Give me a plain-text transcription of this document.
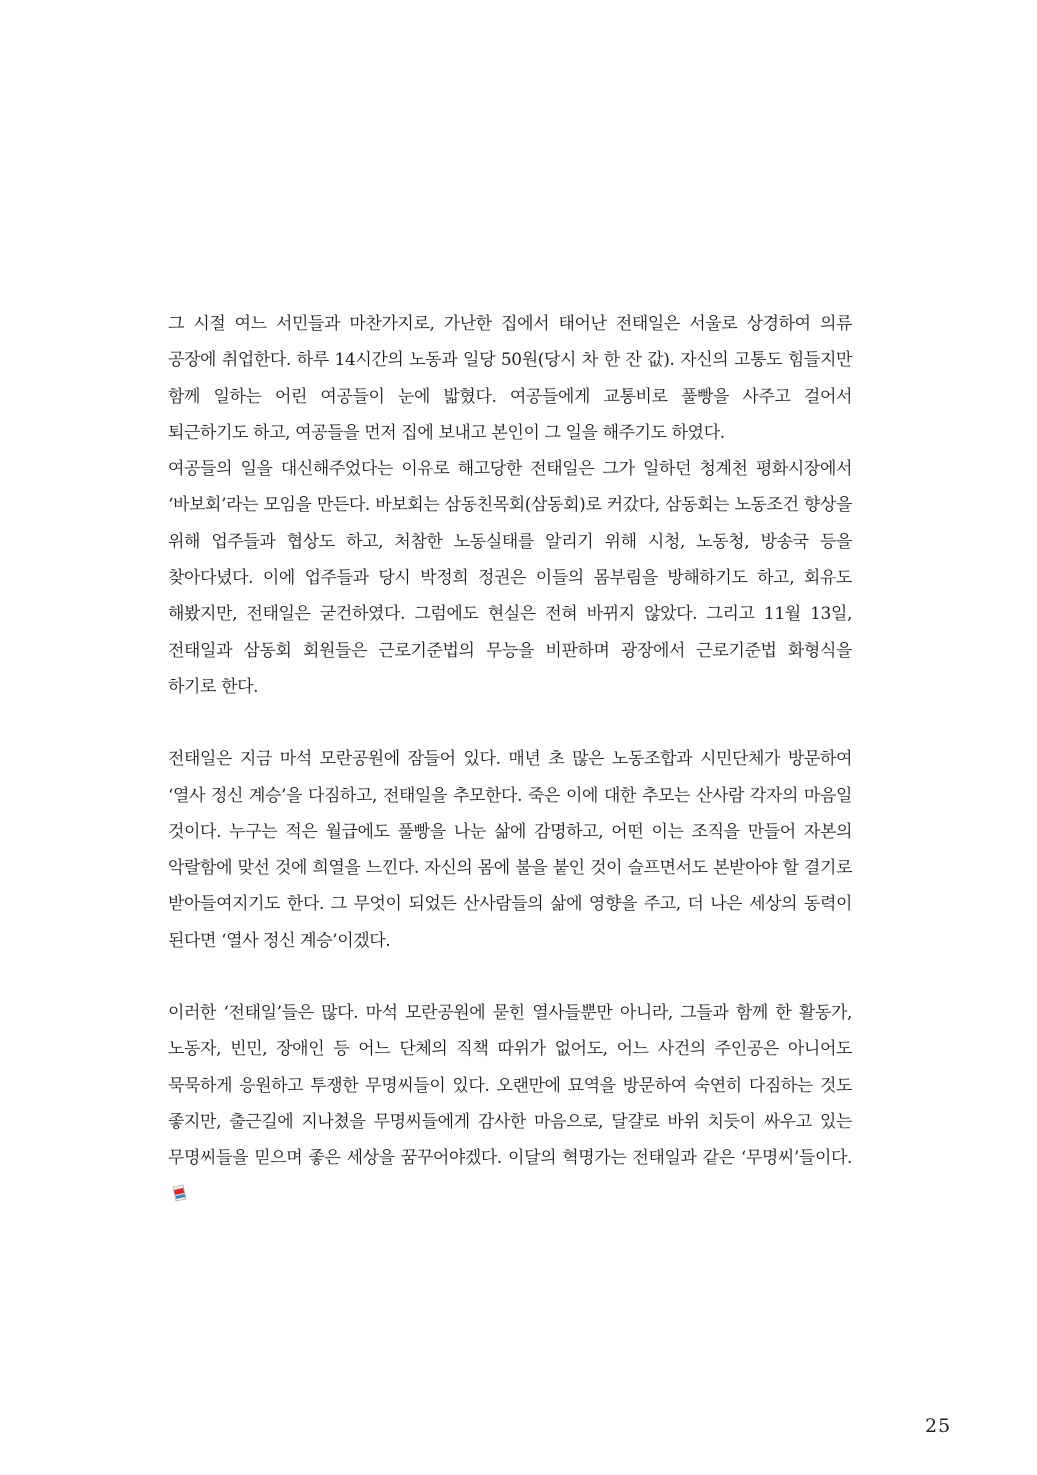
그 시절 여느 서민들과 마찬가지로, 가난한 집에서 태어난 전태일은 서울로 상경하여 의류 공장에 취업한다. 하루 14시간의 노동과 일당 50원(당시 차 한 잔 값). 자신의 고통도 힘들지만 함께 일하는 어린 여공들이 눈에 밟혔다. 여공들에게 교통비로 풀빵을 사주고 걸어서 퇴근하기도 하고, 여공들을 먼저 집에 보내고 본인이 그 일을 해주기도 하였다.

여공들의 일을 대신해주었다는 이유로 해고당한 전태일은 그가 일하던 청계천 평화시장에서 ‘바보회’라는 모임을 만든다. 바보회는 삼동친목회(삼동회)로 커갔다, 삼동회는 노동조건 향상을 위해 업주들과 협상도 하고, 처참한 노동실태를 알리기 위해 시청, 노동청, 방송국 등을 찾아다녔다. 이에 업주들과 당시 박정희 정권은 이들의 몸부림을 방해하기도 하고, 회유도 해봤지만, 전태일은 굳건하였다. 그럼에도 현실은 전혀 바뀌지 않았다. 그리고 11월 13일, 전태일과 삼동회 회원들은 근로기준법의 무능을 비판하며 광장에서 근로기준법 화형식을 하기로 한다.

전태일은 지금 마석 모란공원에 잠들어 있다. 매년 초 많은 노동조합과 시민단체가 방문하여 ‘열사 정신 계승’을 다짐하고, 전태일을 추모한다. 죽은 이에 대한 추모는 산사람 각자의 마음일 것이다. 누구는 적은 월급에도 풀빵을 나눈 삶에 감명하고, 어떤 이는 조직을 만들어 자본의 악랄함에 맞선 것에 희열을 느낀다. 자신의 몸에 불을 붙인 것이 슬프면서도 본받아야 할 결기로 받아들여지기도 한다. 그 무엇이 되었든 산사람들의 삶에 영향을 주고, 더 나은 세상의 동력이 된다면 ‘열사 정신 계승’이겠다.

이러한 ‘전태일’들은 많다. 마석 모란공원에 묻힌 열사들뿐만 아니라, 그들과 함께 한 활동가, 노동자, 빈민, 장애인 등 어느 단체의 직책 따위가 없어도, 어느 사건의 주인공은 아니어도 묵묵하게 응원하고 투쟁한 무명씨들이 있다. 오랜만에 묘역을 방문하여 숙연히 다짐하는 것도 좋지만, 출근길에 지나쳤을 무명씨들에게 감사한 마음으로, 달걀로 바위 치듯이 싸우고 있는 무명씨들을 믿으며 좋은 세상을 꿈꾸어야겠다. 이달의 혁명가는 전태일과 같은 ‘무명씨’들이다.

25
